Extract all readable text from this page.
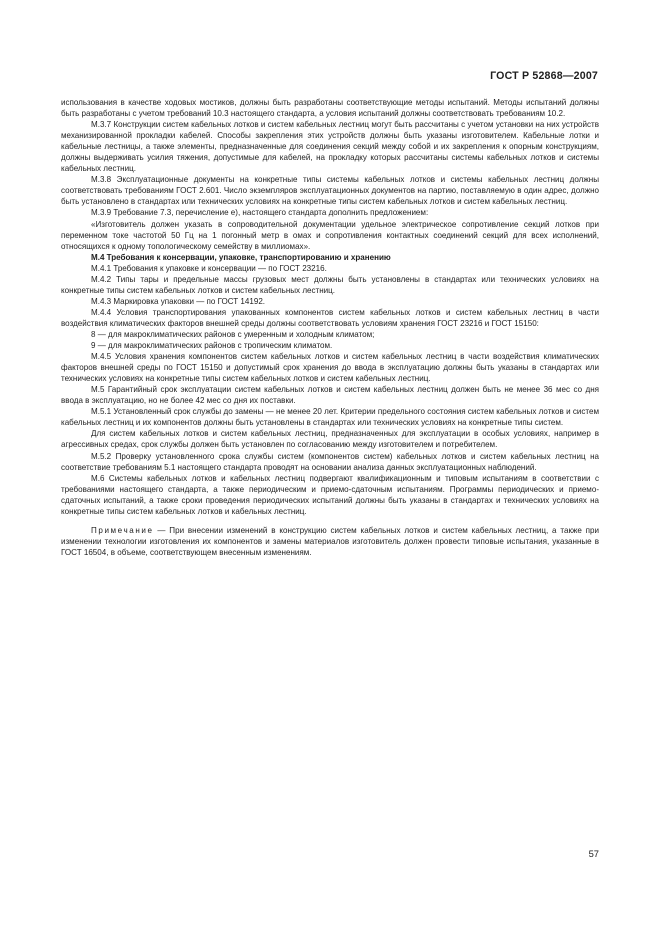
ГОСТ Р 52868—2007

использования в качестве ходовых мостиков, должны быть разработаны соответствующие методы испытаний. Методы испытаний должны быть разработаны с учетом требований 10.3 настоящего стандарта, а условия испытаний должны соответствовать требованиям 10.2.

М.3.7 Конструкции систем кабельных лотков и систем кабельных лестниц могут быть рассчитаны с учетом установки на них устройств механизированной прокладки кабелей. Способы закрепления этих устройств должны быть указаны изготовителем. Кабельные лотки и кабельные лестницы, а также элементы, предназначенные для соединения секций между собой и их закрепления к опорным конструкциям, должны выдерживать усилия тяжения, допустимые для кабелей, на прокладку которых рассчитаны системы кабельных лотков и системы кабельных лестниц.

М.3.8 Эксплуатационные документы на конкретные типы системы кабельных лотков и системы кабельных лестниц должны соответствовать требованиям ГОСТ 2.601. Число экземпляров эксплуатационных документов на партию, поставляемую в один адрес, должно быть установлено в стандартах или технических условиях на конкретные типы систем кабельных лотков и систем кабельных лестниц.

М.3.9 Требование 7.3, перечисление е), настоящего стандарта дополнить предложением:

«Изготовитель должен указать в сопроводительной документации удельное электрическое сопротивление секций лотков при переменном токе частотой 50 Гц на 1 погонный метр в омах и сопротивления контактных соединений секций для всех исполнений, относящихся к одному топологическому семейству в миллиомах».

М.4 Требования к консервации, упаковке, транспортированию и хранению

М.4.1 Требования к упаковке и консервации — по ГОСТ 23216.

М.4.2 Типы тары и предельные массы грузовых мест должны быть установлены в стандартах или технических условиях на конкретные типы систем кабельных лотков и систем кабельных лестниц.

М.4.3 Маркировка упаковки — по ГОСТ 14192.

М.4.4 Условия транспортирования упакованных компонентов систем кабельных лотков и систем кабельных лестниц в части воздействия климатических факторов внешней среды должны соответствовать условиям хранения ГОСТ 23216 и ГОСТ 15150:

8 — для макроклиматических районов с умеренным и холодным климатом;

9 — для макроклиматических районов с тропическим климатом.

М.4.5 Условия хранения компонентов систем кабельных лотков и систем кабельных лестниц в части воздействия климатических факторов внешней среды по ГОСТ 15150 и допустимый срок хранения до ввода в эксплуатацию должны быть указаны в стандартах или технических условиях на конкретные типы систем кабельных лотков и систем кабельных лестниц.

М.5 Гарантийный срок эксплуатации систем кабельных лотков и систем кабельных лестниц должен быть не менее 36 мес со дня ввода в эксплуатацию, но не более 42 мес со дня их поставки.

М.5.1 Установленный срок службы до замены — не менее 20 лет. Критерии предельного состояния систем кабельных лотков и систем кабельных лестниц и их компонентов должны быть установлены в стандартах или технических условиях на конкретные типы систем.

Для систем кабельных лотков и систем кабельных лестниц, предназначенных для эксплуатации в особых условиях, например в агрессивных средах, срок службы должен быть установлен по согласованию между изготовителем и потребителем.

М.5.2 Проверку установленного срока службы систем (компонентов систем) кабельных лотков и систем кабельных лестниц на соответствие требованиям 5.1 настоящего стандарта проводят на основании анализа данных эксплуатационных наблюдений.

М.6 Системы кабельных лотков и кабельных лестниц подвергают квалификационным и типовым испытаниям в соответствии с требованиями настоящего стандарта, а также периодическим и приемо-сдаточным испытаниям. Программы периодических и приемо-сдаточных испытаний, а также сроки проведения периодических испытаний должны быть указаны в стандартах и технических условиях на конкретные типы систем кабельных лотков и кабельных лестниц.

Примечание — При внесении изменений в конструкцию систем кабельных лотков и систем кабельных лестниц, а также при изменении технологии изготовления их компонентов и замены материалов изготовитель должен провести типовые испытания, указанные в ГОСТ 16504, в объеме, соответствующем внесенным изменениям.

57
